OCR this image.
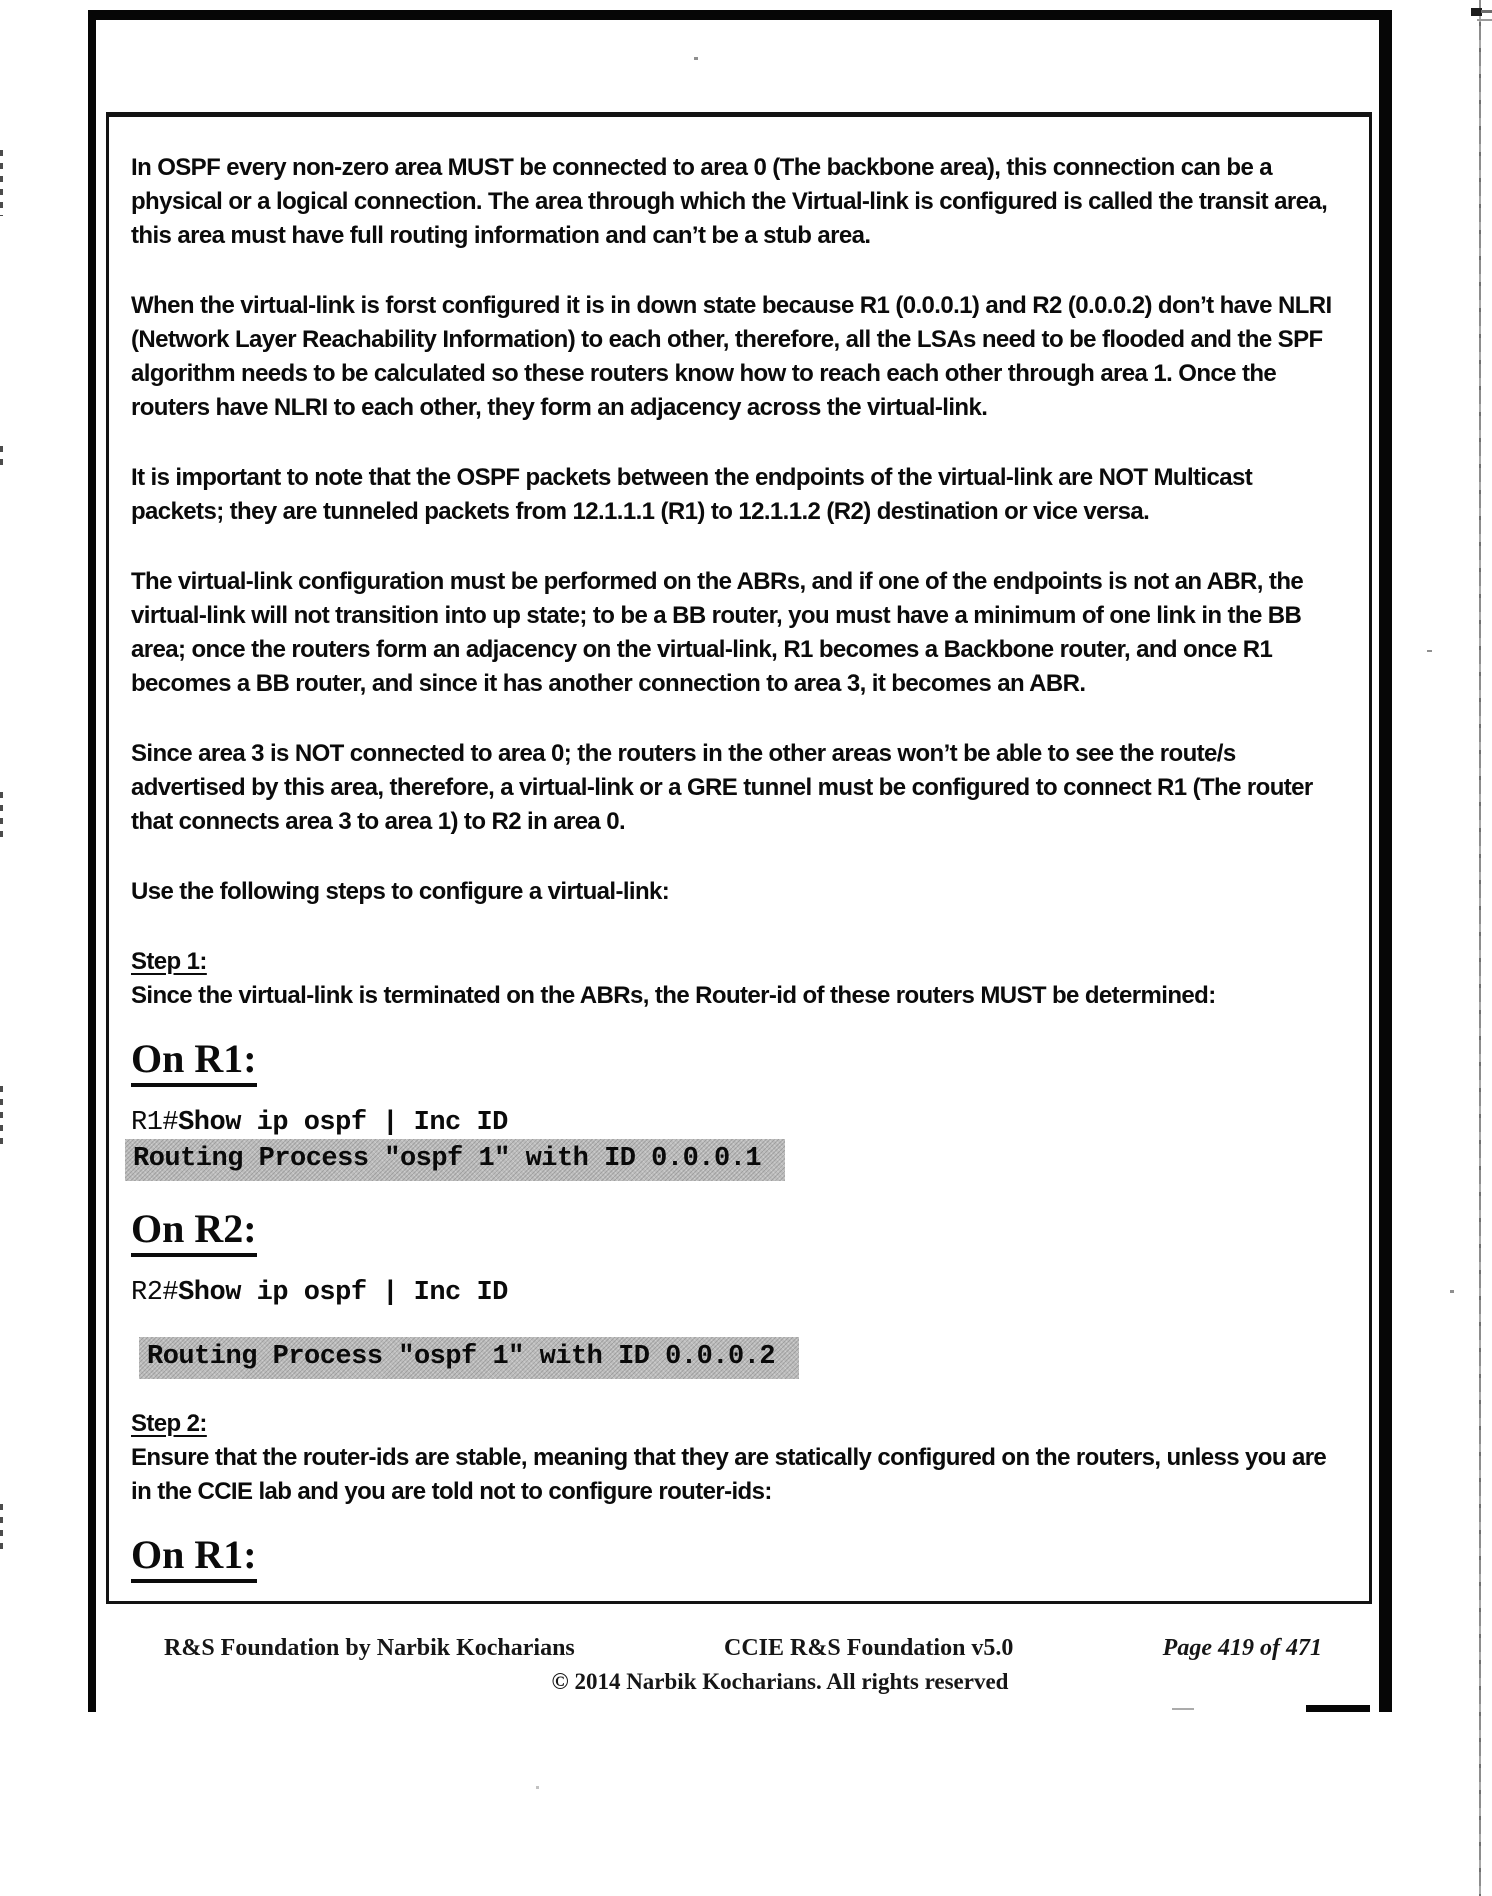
In OSPF every non-zero area MUST be connected to area 0 (The backbone area), this connection can be a physical or a logical connection. The area through which the Virtual-link is configured is called the transit area, this area must have full routing information and can’t be a stub area.

When the virtual-link is forst configured it is in down state because R1 (0.0.0.1) and R2 (0.0.0.2) don’t have NLRI (Network Layer Reachability Information) to each other, therefore, all the LSAs need to be flooded and the SPF algorithm needs to be calculated so these routers know how to reach each other through area 1. Once the routers have NLRI to each other, they form an adjacency across the virtual-link.

It is important to note that the OSPF packets between the endpoints of the virtual-link are NOT Multicast packets; they are tunneled packets from 12.1.1.1 (R1) to 12.1.1.2 (R2) destination or vice versa.

The virtual-link configuration must be performed on the ABRs, and if one of the endpoints is not an ABR, the virtual-link will not transition into up state; to be a BB router, you must have a minimum of one link in the BB area; once the routers form an adjacency on the virtual-link, R1 becomes a Backbone router, and once R1 becomes a BB router, and since it has another connection to area 3, it becomes an ABR.

Since area 3 is NOT connected to area 0; the routers in the other areas won’t be able to see the route/s advertised by this area, therefore, a virtual-link or a GRE tunnel must be configured to connect R1 (The router that connects area 3 to area 1) to R2 in area 0.

Use the following steps to configure a virtual-link:

Step 1:
Since the virtual-link is terminated on the ABRs, the Router-id of these routers MUST be determined:
On R1:
R1#Show ip ospf | Inc ID
Routing Process "ospf 1" with ID 0.0.0.1
On R2:
R2#Show ip ospf | Inc ID
Routing Process "ospf 1" with ID 0.0.0.2
Step 2:
Ensure that the router-ids are stable, meaning that they are statically configured on the routers, unless you are in the CCIE lab and you are told not to configure router-ids:
On R1:
R&S Foundation by Narbik Kocharians	CCIE R&S Foundation v5.0	Page 419 of 471
© 2014 Narbik Kocharians. All rights reserved
